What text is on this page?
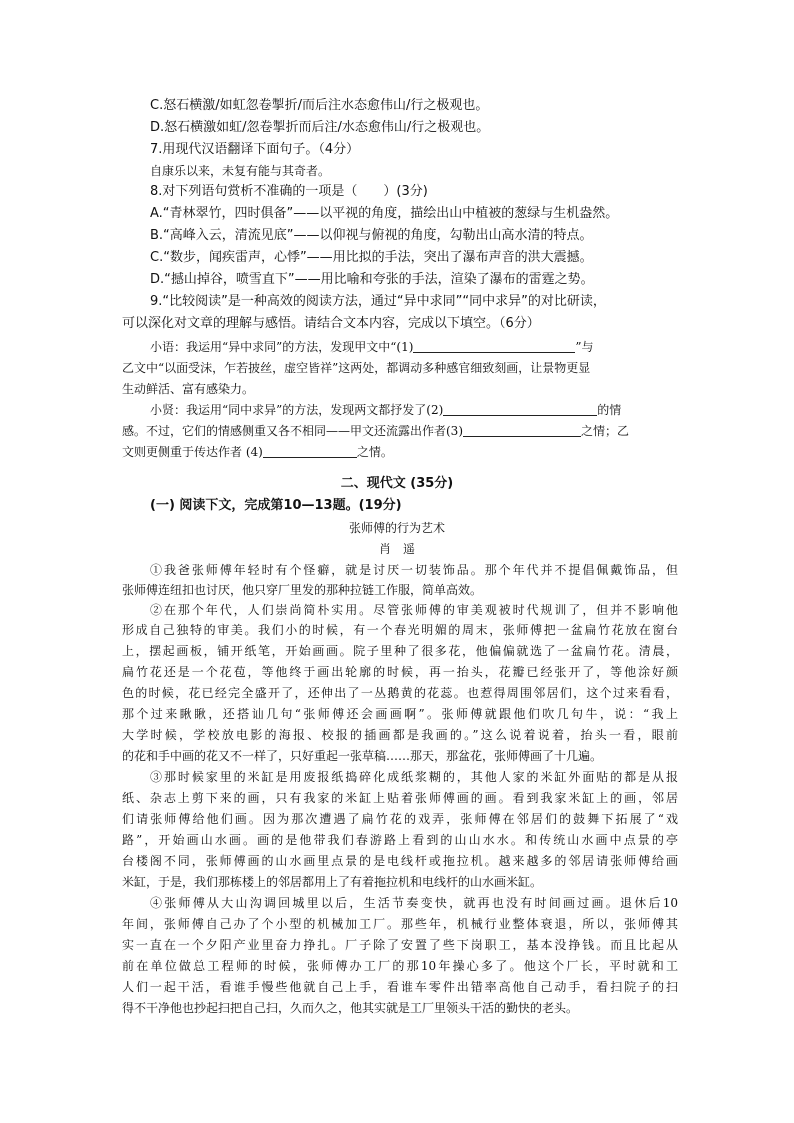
C.怒石横激/如虹忽卷掣折/而后注水态愈伟山/行之极观也。
D.怒石横激如虹/忽卷掣折而后注/水态愈伟山/行之极观也。
7.用现代汉语翻译下面句子。（4分）
自康乐以来，未复有能与其奇者。
8.对下列语句赏析不准确的一项是（　　）(3分)
A.“青林翠竹，四时俱备”——以平视的角度，描绘出山中植被的葱绿与生机盎然。
B.“高峰入云，清流见底”——以仰视与俯视的角度，勾勒出山高水清的特点。
C.“数步，闻疾雷声，心悸”——用比拟的手法，突出了瀑布声音的洪大震撼。
D.“撼山掉谷，喷雪直下”——用比喻和夸张的手法，渲染了瀑布的雷霆之势。
9.“比较阅读”是一种高效的阅读方法，通过“异中求同”“同中求异”的对比研读，
可以深化对文章的理解与感悟。请结合文本内容，完成以下填空。（6分）
小语：我运用“异中求同”的方法，发现甲文中“(1)	”与
乙文中“以面受沫，乍若披丝，虚空皆祥”这两处，都调动多种感官细致刻画，让景物更显
生动鲜活、富有感染力。
小贤：我运用“同中求异”的方法，发现两文都抒发了(2)	的情
感。不过，它们的情感侧重又各不相同——甲文还流露出作者(3)	之情；乙
文则更侧重于传达作者 (4)	之情。
二、现代文 (35分)
(一) 阅读下文，完成第10—13题。(19分)
张师傅的行为艺术
肖　遥
①我爸张师傅年轻时有个怪癖，就是讨厌一切装饰品。那个年代并不提倡佩戴饰品，但
张师傅连纽扣也讨厌，他只穿厂里发的那种拉链工作服，简单高效。
②在那个年代，人们崇尚简朴实用。尽管张师傅的审美观被时代规训了，但并不影响他
形成自己独特的审美。我们小的时候，有一个春光明媚的周末，张师傅把一盆扁竹花放在窗台
上，摆起画板，铺开纸笔，开始画画。院子里种了很多花，他偏偏就选了一盆扁竹花。清晨，
扁竹花还是一个花苞，等他终于画出轮廓的时候，再一抬头，花瓣已经张开了，等他涂好颜
色的时候，花已经完全盛开了，还伸出了一丛鹅黄的花蕊。也惹得周围邻居们，这个过来看看，
那个过来瞅瞅，还搭讪几句“张师傅还会画画啊”。张师傅就跟他们吹几句牛，说：“我上
大学时候，学校放电影的海报、校报的插画都是我画的。”这么说着说着，抬头一看，眼前
的花和手中画的花又不一样了，只好重起一张草稿……那天，那盆花，张师傅画了十几遍。
③那时候家里的米缸是用废报纸捣碎化成纸浆糊的，其他人家的米缸外面贴的都是从报
纸、杂志上剪下来的画，只有我家的米缸上贴着张师傅画的画。看到我家米缸上的画，邻居
们请张师傅给他们画。因为那次遭遇了扁竹花的戏弄，张师傅在邻居们的鼓舞下拓展了“戏
路”，开始画山水画。画的是他带我们春游路上看到的山山水水。和传统山水画中点景的亭
台楼阁不同，张师傅画的山水画里点景的是电线杆或拖拉机。越来越多的邻居请张师傅给画
米缸，于是，我们那栋楼上的邻居都用上了有着拖拉机和电线杆的山水画米缸。
④张师傅从大山沟调回城里以后，生活节奏变快，就再也没有时间画过画。退休后10
年间，张师傅自己办了个小型的机械加工厂。那些年，机械行业整体衰退，所以，张师傅其
实一直在一个夕阳产业里奋力挣扎。厂子除了安置了些下岗职工，基本没挣钱。而且比起从
前在单位做总工程师的时候，张师傅办工厂的那10年操心多了。他这个厂长，平时就和工
人们一起干活，看谁手慢些他就自己上手，看谁车零件出错率高他自己动手，看扫院子的扫
得不干净他也抄起扫把自己扫，久而久之，他其实就是工厂里领头干活的勤快的老头。
